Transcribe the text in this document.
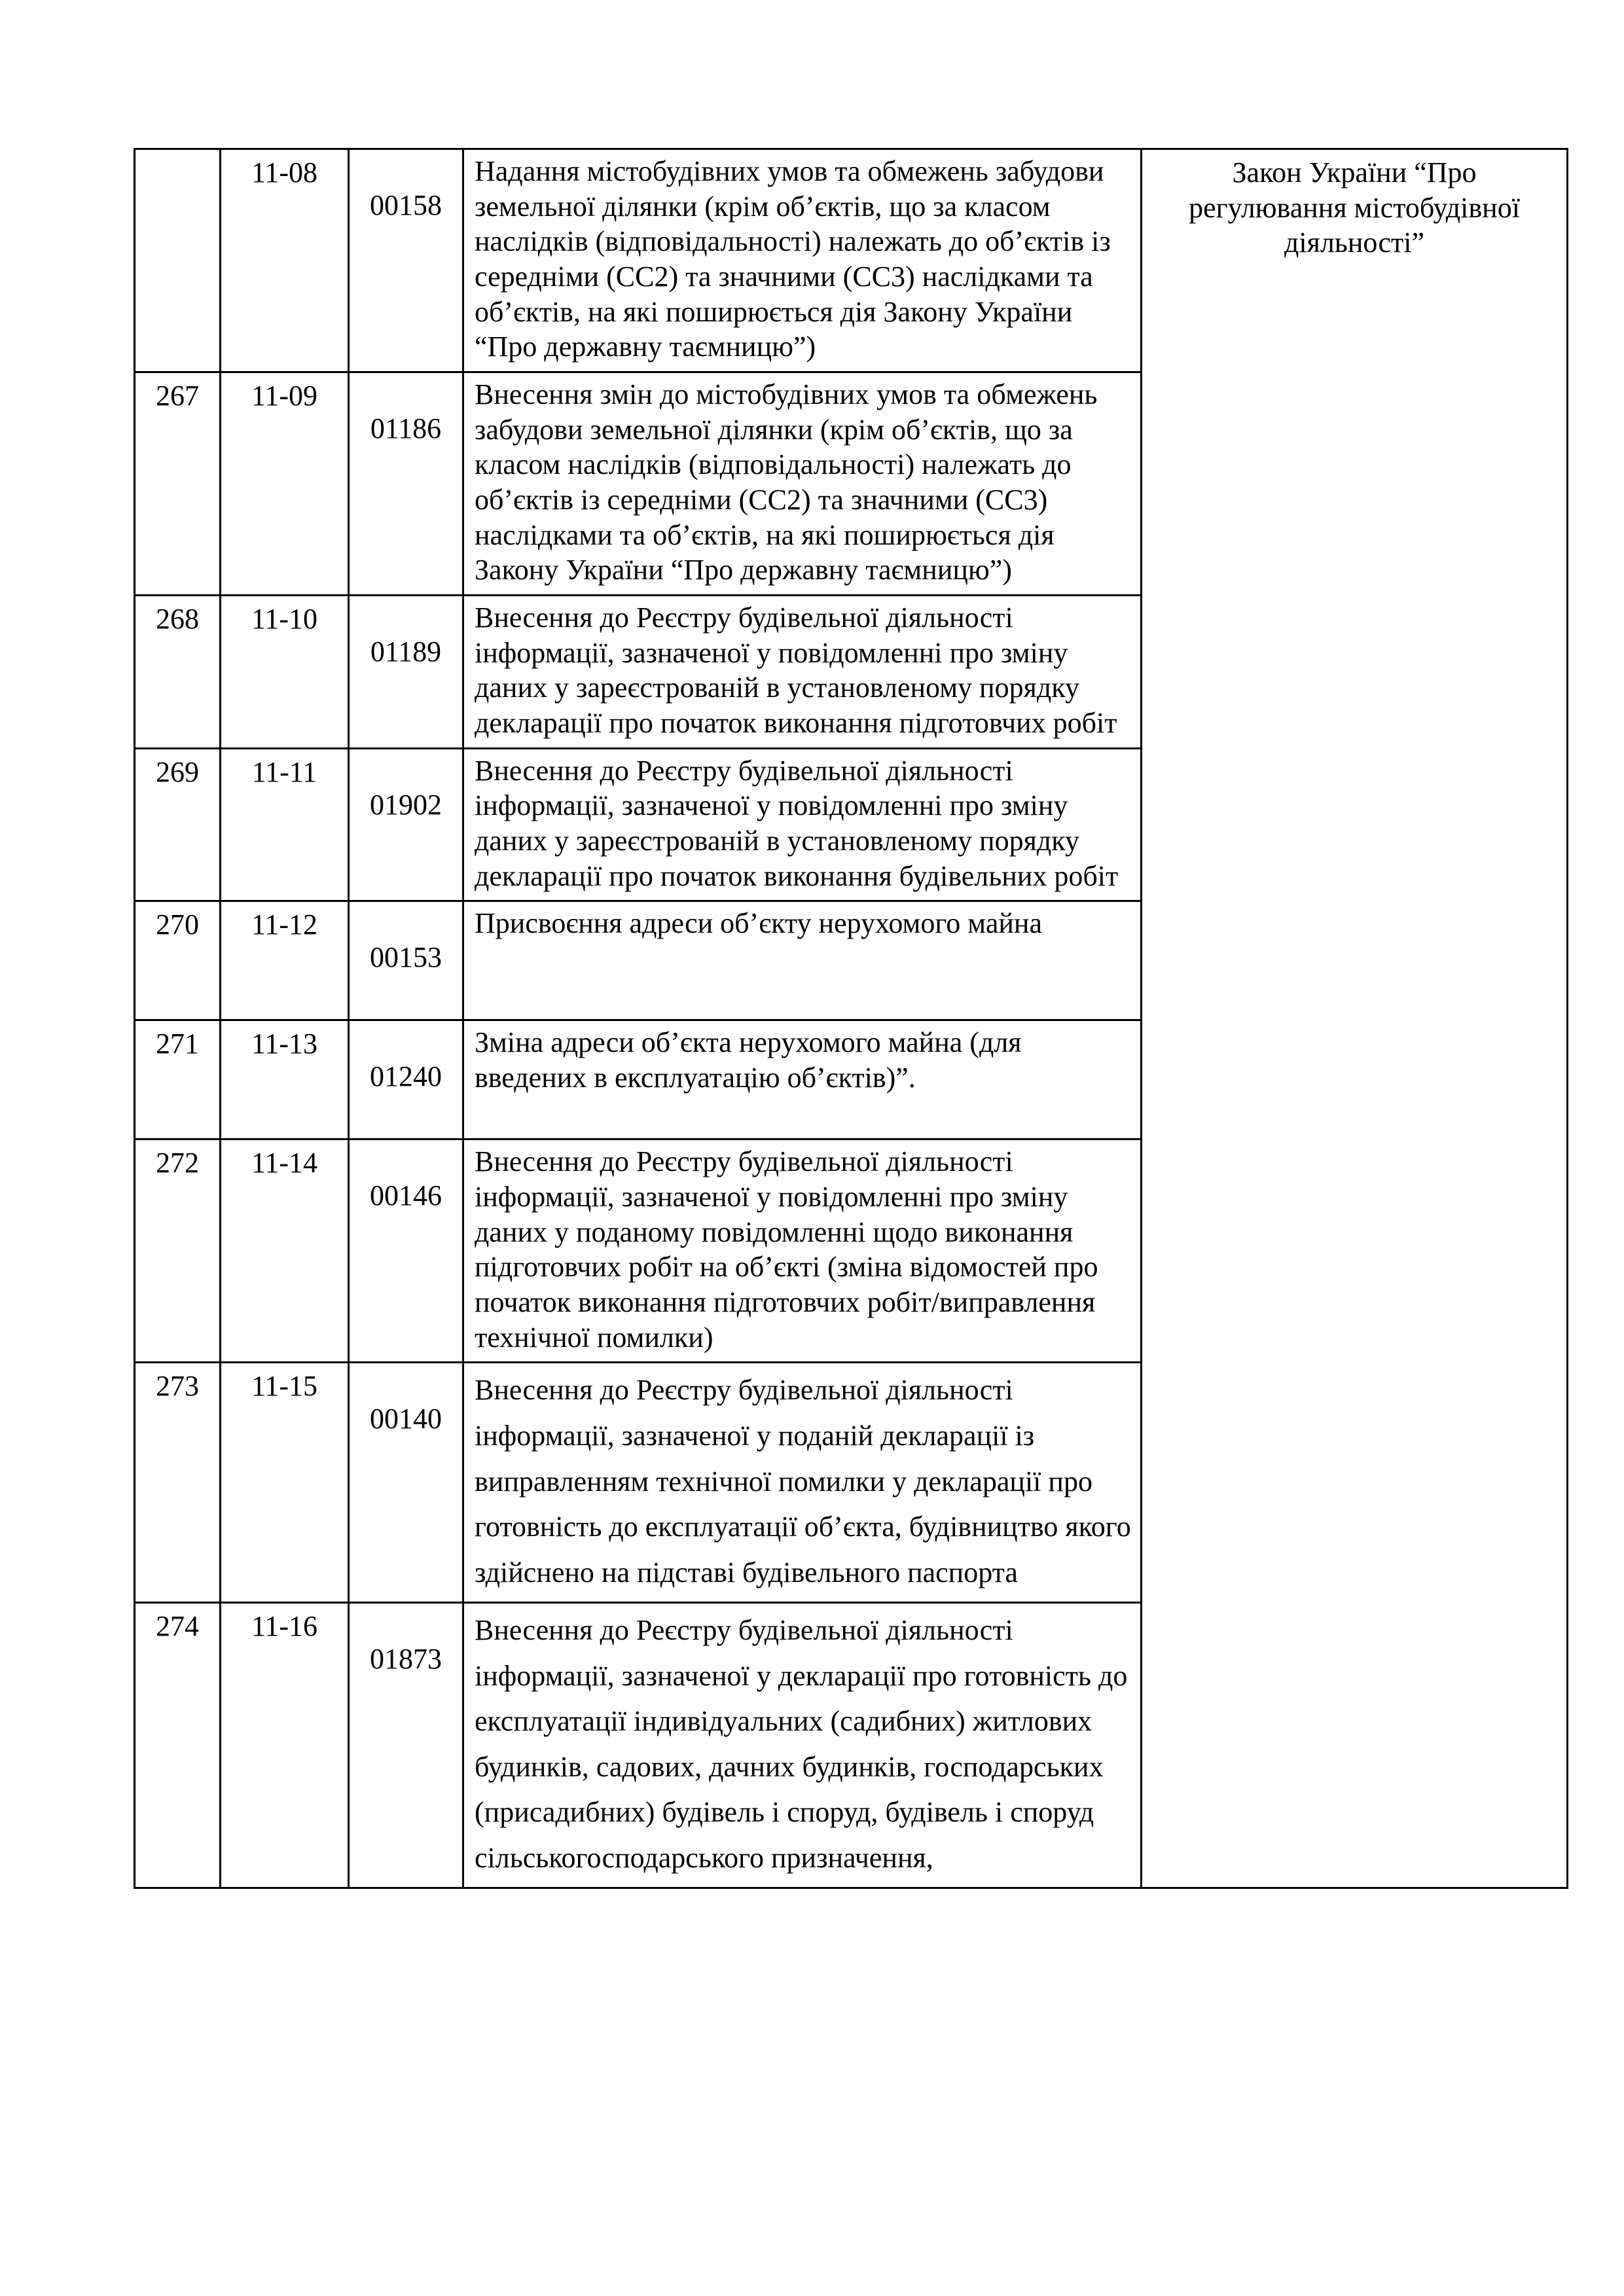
	11-08	00158	Надання містобудівних умов та обмежень забудови земельної ділянки (крім об’єктів, що за класом наслідків (відповідальності) належать до об’єктів із середніми (СС2) та значними (СС3) наслідками та об’єктів, на які поширюється дія Закону України “Про державну таємницю”)	Закон України “Про регулювання містобудівної діяльності”
267	11-09	01186	Внесення змін до містобудівних умов та обмежень забудови земельної ділянки (крім об’єктів, що за класом наслідків (відповідальності) належать до об’єктів із середніми (СС2) та значними (СС3) наслідками та об’єктів, на які поширюється дія Закону України “Про державну таємницю”)	
268	11-10	01189	Внесення до Реєстру будівельної діяльності інформації, зазначеної у повідомленні про зміну даних у зареєстрованій в установленому порядку декларації про початок виконання підготовчих робіт	
269	11-11	01902	Внесення до Реєстру будівельної діяльності інформації, зазначеної у повідомленні про зміну даних у зареєстрованій в установленому порядку декларації про початок виконання будівельних робіт	
270	11-12	00153	Присвоєння адреси об’єкту нерухомого майна	
271	11-13	01240	Зміна адреси об’єкта нерухомого майна (для введених в експлуатацію об’єктів)”.	
272	11-14	00146	Внесення до Реєстру будівельної діяльності інформації, зазначеної у повідомленні про зміну даних у поданому повідомленні щодо виконання підготовчих робіт на об’єкті (зміна відомостей про початок виконання підготовчих робіт/виправлення технічної помилки)	
273	11-15	00140	Внесення до Реєстру будівельної діяльності інформації, зазначеної у поданій декларації із виправленням технічної помилки у декларації про готовність до експлуатації об’єкта, будівництво якого здійснено на підставі будівельного паспорта	
274	11-16	01873	Внесення до Реєстру будівельної діяльності інформації, зазначеної у декларації про готовність до експлуатації індивідуальних (садибних) житлових будинків, садових, дачних будинків, господарських (присадибних) будівель і споруд, будівель і споруд сільськогосподарського призначення,	
